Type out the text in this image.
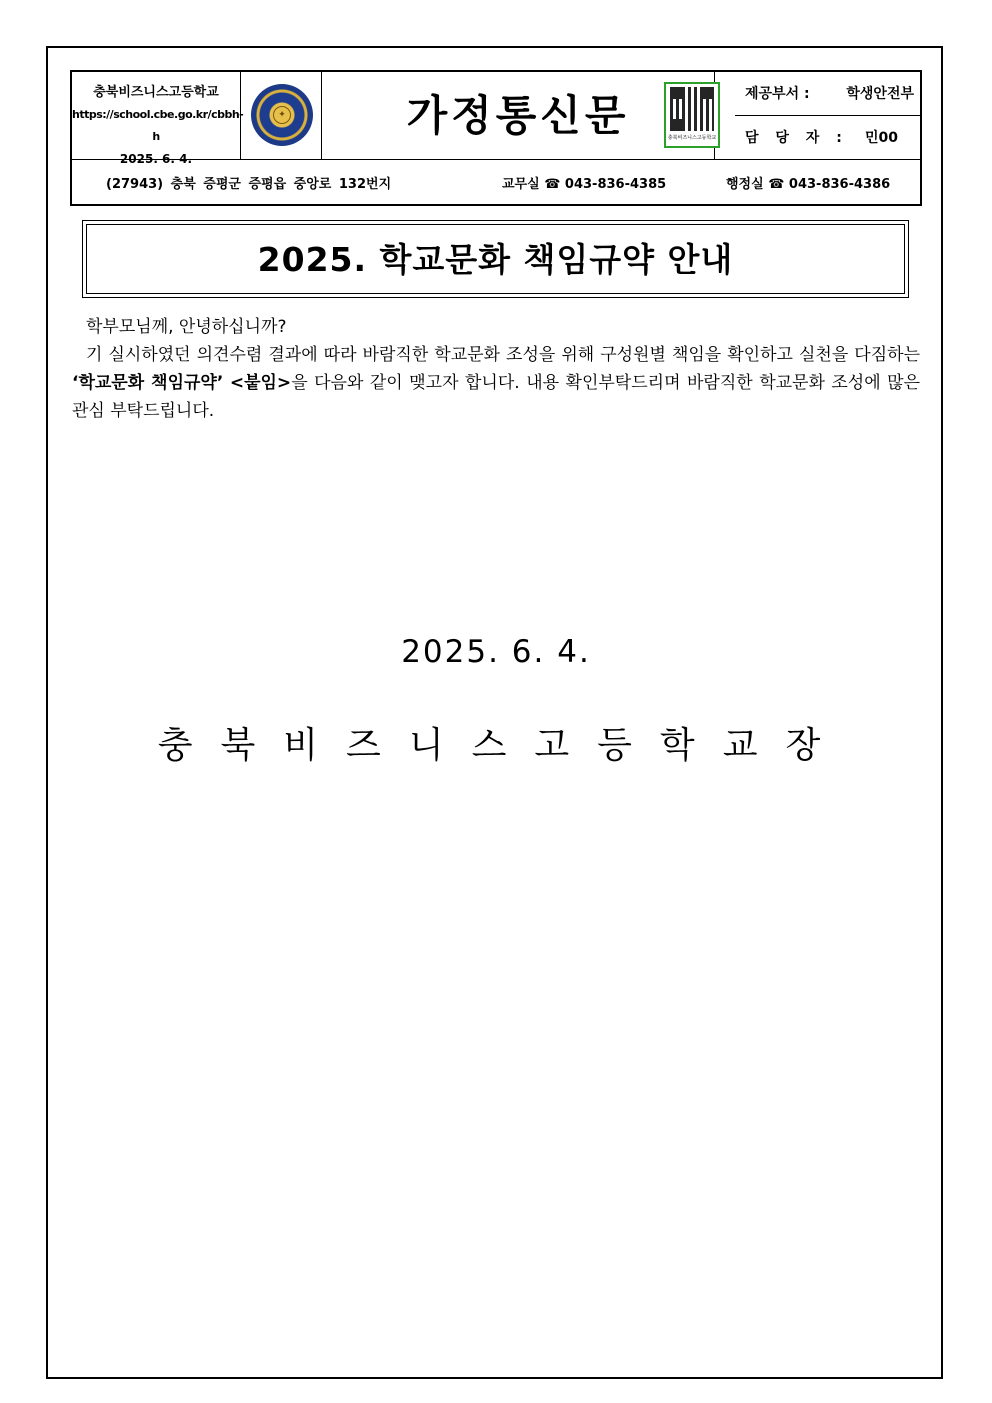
충북비즈니스고등학교
https://school.cbe.go.kr/cbbh-h
2025. 6. 4.
✦	가정통신문	충북비즈니스고등학교
제공부서 :	학생안전부
담 당 자 : 민00
(27943) 충북 증평군 증평읍 중앙로 132번지	교무실 ☎ 043-836-4385	행정실 ☎ 043-836-4386
2025. 학교문화 책임규약 안내

학부모님께, 안녕하십니까?

기 실시하였던 의견수렴 결과에 따라 바람직한 학교문화 조성을 위해 구성원별 책임을 확인하고 실천을 다짐하는 ‘학교문화 책임규약’ <붙임>을 다음와 같이 맺고자 합니다. 내용 확인부탁드리며 바람직한 학교문화 조성에 많은 관심 부탁드립니다.

2025. 6. 4.
충북비즈니스고등학교장
